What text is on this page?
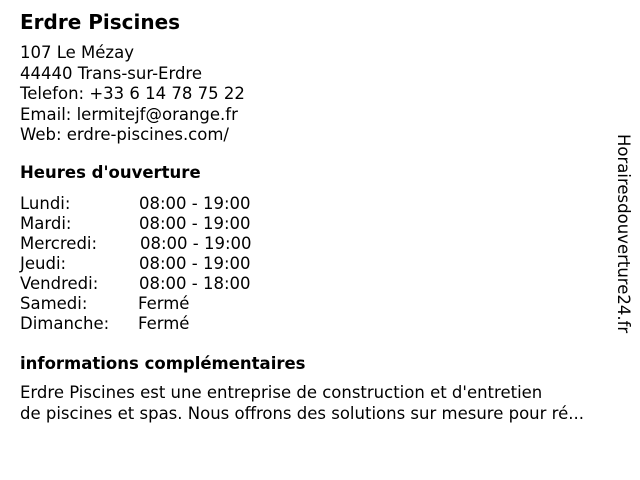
Erdre Piscines
107 Le Mézay
44440 Trans-sur-Erdre
Telefon: +33 6 14 78 75 22
Email: lermitejf@orange.fr
Web: erdre-piscines.com/
Heures d'ouverture
Lundi:	08:00 - 19:00
Mardi:	08:00 - 19:00
Mercredi:	08:00 - 19:00
Jeudi:	08:00 - 19:00
Vendredi: 08:00 - 18:00
Samedi:	Fermé
Dimanche: Fermé
informations complémentaires
Erdre Piscines est une entreprise de construction et d'entretien
de piscines et spas. Nous offrons des solutions sur mesure pour ré...
Horairesdouverture24.fr
